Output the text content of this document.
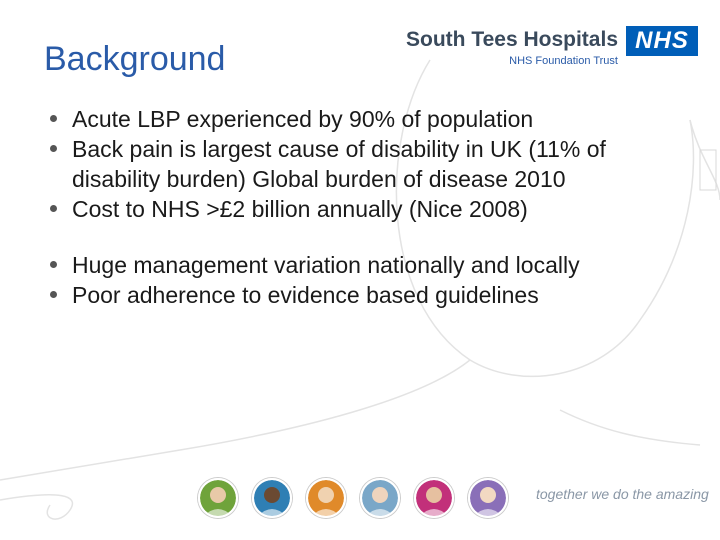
Background
South Tees Hospitals
NHS Foundation Trust
NHS
Acute LBP experienced by 90% of population
Back pain is largest cause of disability in UK (11% of disability burden) Global burden of disease 2010
Cost to NHS >£2 billion annually (Nice 2008)
Huge management variation nationally and locally
Poor adherence to evidence based guidelines
together we do the amazing
